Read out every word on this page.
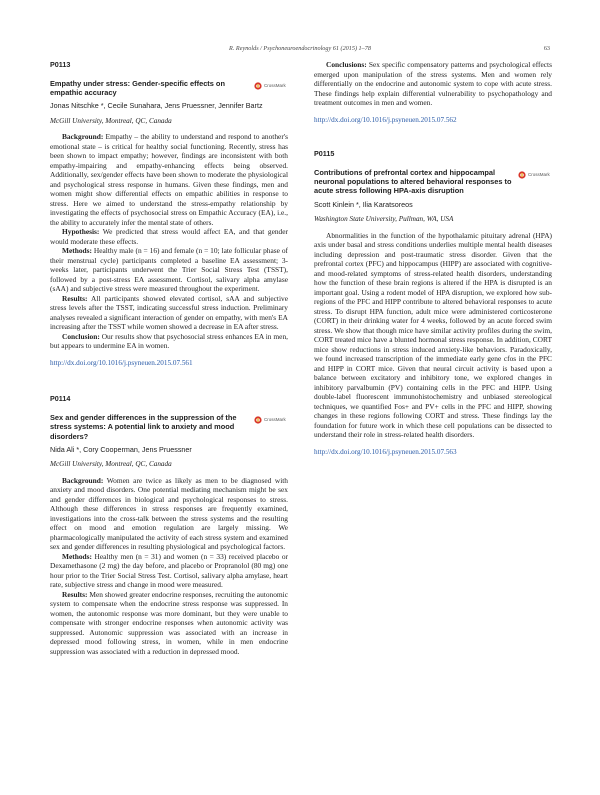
R. Reynolds / Psychoneuroendocrinology 61 (2015) 1–78	63

P0113

Empathy under stress: Gender-specific effects on empathic accuracy

CrossMark

Jonas Nitschke *, Cecile Sunahara, Jens Pruessner, Jennifer Bartz

McGill University, Montreal, QC, Canada

Background: Empathy – the ability to understand and respond to another's emotional state – is critical for healthy social functioning. Recently, stress has been shown to impact empathy; however, findings are inconsistent with both empathy-impairing and empathy-enhancing effects being observed. Additionally, sex/gender effects have been shown to moderate the physiological and psychological stress response in humans. Given these findings, men and women might show differential effects on empathic abilities in response to stress. Here we aimed to understand the stress-empathy relationship by investigating the effects of psychosocial stress on Empathic Accuracy (EA), i.e., the ability to accurately infer the mental state of others.

Hypothesis: We predicted that stress would affect EA, and that gender would moderate these effects.

Methods: Healthy male (n = 16) and female (n = 10; late follicular phase of their menstrual cycle) participants completed a baseline EA assessment; 3-weeks later, participants underwent the Trier Social Stress Test (TSST), followed by a post-stress EA assessment. Cortisol, salivary alpha amylase (sAA) and subjective stress were measured throughout the experiment.

Results: All participants showed elevated cortisol, sAA and subjective stress levels after the TSST, indicating successful stress induction. Preliminary analyses revealed a significant interaction of gender on empathy, with men's EA increasing after the TSST while women showed a decrease in EA after stress.

Conclusion: Our results show that psychosocial stress enhances EA in men, but appears to undermine EA in women.

http://dx.doi.org/10.1016/j.psyneuen.2015.07.561

P0114

Sex and gender differences in the suppression of the stress systems: A potential link to anxiety and mood disorders?

CrossMark

Nida Ali *, Cory Cooperman, Jens Pruessner

McGill University, Montreal, QC, Canada

Background: Women are twice as likely as men to be diagnosed with anxiety and mood disorders. One potential mediating mechanism might be sex and gender differences in biological and psychological responses to stress. Although these differences in stress responses are frequently examined, investigations into the cross-talk between the stress systems and the resulting effect on mood and emotion regulation are largely missing. We pharmacologically manipulated the activity of each stress system and examined sex and gender differences in resulting physiological and psychological factors.

Methods: Healthy men (n = 31) and women (n = 33) received placebo or Dexamethasone (2 mg) the day before, and placebo or Propranolol (80 mg) one hour prior to the Trier Social Stress Test. Cortisol, salivary alpha amylase, heart rate, subjective stress and change in mood were measured.

Results: Men showed greater endocrine responses, recruiting the autonomic system to compensate when the endocrine stress response was suppressed. In women, the autonomic response was more dominant, but they were unable to compensate with stronger endocrine responses when autonomic activity was suppressed. Autonomic suppression was associated with an increase in depressed mood following stress, in women, while in men endocrine suppression was associated with a reduction in depressed mood.

Conclusions: Sex specific compensatory patterns and psychological effects emerged upon manipulation of the stress systems. Men and women rely differentially on the endocrine and autonomic system to cope with acute stress. These findings help explain differential vulnerability to psychopathology and treatment outcomes in men and women.

http://dx.doi.org/10.1016/j.psyneuen.2015.07.562

P0115

Contributions of prefrontal cortex and hippocampal neuronal populations to altered behavioral responses to acute stress following HPA-axis disruption

CrossMark

Scott Kinlein *, Ilia Karatsoreos

Washington State University, Pullman, WA, USA

Abnormalities in the function of the hypothalamic pituitary adrenal (HPA) axis under basal and stress conditions underlies multiple mental health diseases including depression and post-traumatic stress disorder. Given that the prefrontal cortex (PFC) and hippocampus (HIPP) are associated with cognitive- and mood-related symptoms of stress-related health disorders, understanding how the function of these brain regions is altered if the HPA is disrupted is an important goal. Using a rodent model of HPA disruption, we explored how sub-regions of the PFC and HIPP contribute to altered behavioral responses to acute stress. To disrupt HPA function, adult mice were administered corticosterone (CORT) in their drinking water for 4 weeks, followed by an acute forced swim stress. We show that though mice have similar activity profiles during the swim, CORT treated mice have a blunted hormonal stress response. In addition, CORT mice show reductions in stress induced anxiety-like behaviors. Paradoxically, we found increased transcription of the immediate early gene cfos in the PFC and HIPP in CORT mice. Given that neural circuit activity is based upon a balance between excitatory and inhibitory tone, we explored changes in inhibitory parvalbumin (PV) containing cells in the PFC and HIPP. Using double-label fluorescent immunohistochemistry and unbiased stereological techniques, we quantified Fos+ and PV+ cells in the PFC and HIPP, showing changes in these regions following CORT and stress. These findings lay the foundation for future work in which these cell populations can be dissected to understand their role in stress-related health disorders.

http://dx.doi.org/10.1016/j.psyneuen.2015.07.563
